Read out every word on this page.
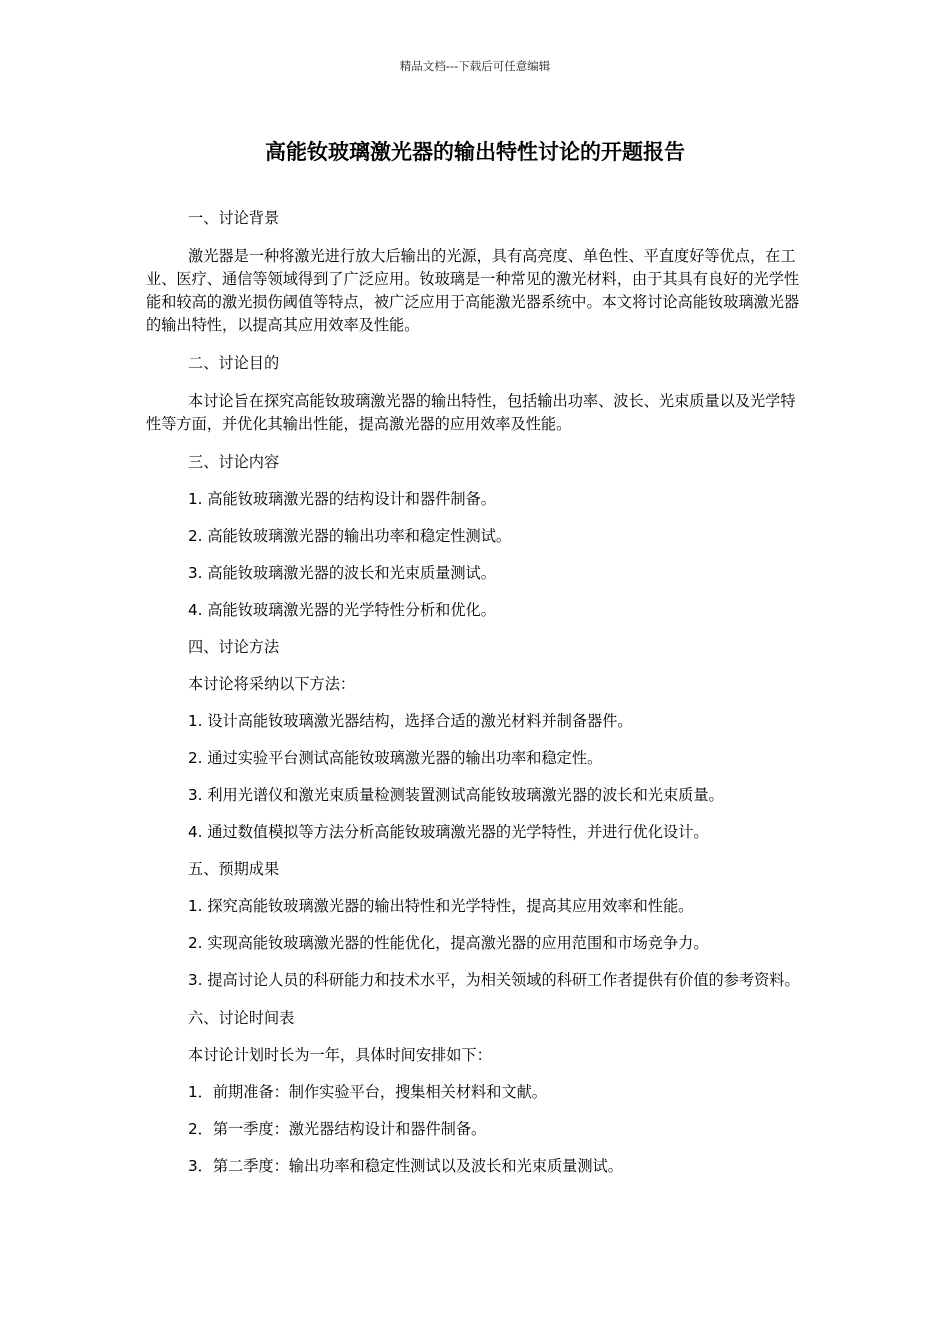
精品文档---下载后可任意编辑
高能钕玻璃激光器的输出特性讨论的开题报告

一、讨论背景

激光器是一种将激光进行放大后输出的光源，具有高亮度、单色性、平直度好等优点，在工业、医疗、通信等领域得到了广泛应用。钕玻璃是一种常见的激光材料，由于其具有良好的光学性能和较高的激光损伤阈值等特点，被广泛应用于高能激光器系统中。本文将讨论高能钕玻璃激光器的输出特性，以提高其应用效率及性能。

二、讨论目的

本讨论旨在探究高能钕玻璃激光器的输出特性，包括输出功率、波长、光束质量以及光学特性等方面，并优化其输出性能，提高激光器的应用效率及性能。

三、讨论内容

1. 高能钕玻璃激光器的结构设计和器件制备。

2. 高能钕玻璃激光器的输出功率和稳定性测试。

3. 高能钕玻璃激光器的波长和光束质量测试。

4. 高能钕玻璃激光器的光学特性分析和优化。

四、讨论方法

本讨论将采纳以下方法：

1. 设计高能钕玻璃激光器结构，选择合适的激光材料并制备器件。

2. 通过实验平台测试高能钕玻璃激光器的输出功率和稳定性。

3. 利用光谱仪和激光束质量检测装置测试高能钕玻璃激光器的波长和光束质量。

4. 通过数值模拟等方法分析高能钕玻璃激光器的光学特性，并进行优化设计。

五、预期成果

1. 探究高能钕玻璃激光器的输出特性和光学特性，提高其应用效率和性能。

2. 实现高能钕玻璃激光器的性能优化，提高激光器的应用范围和市场竞争力。

3. 提高讨论人员的科研能力和技术水平，为相关领域的科研工作者提供有价值的参考资料。

六、讨论时间表

本讨论计划时长为一年，具体时间安排如下：

1．前期准备：制作实验平台，搜集相关材料和文献。

2．第一季度：激光器结构设计和器件制备。

3．第二季度：输出功率和稳定性测试以及波长和光束质量测试。
